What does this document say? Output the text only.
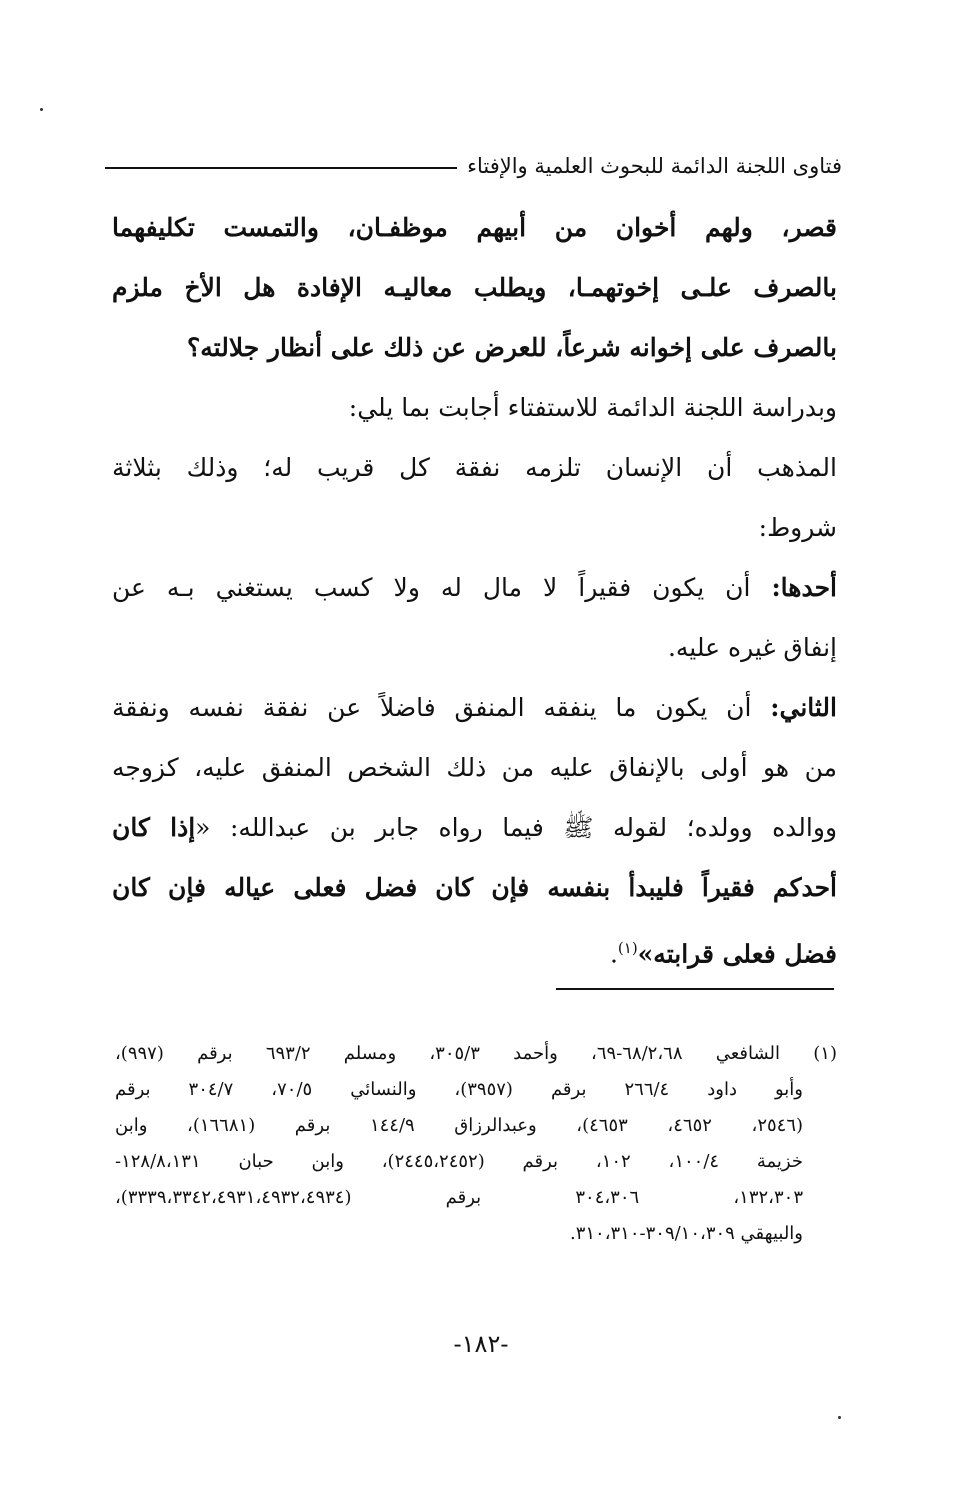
فتاوى اللجنة الدائمة للبحوث العلمية والإفتاء
قصر، ولهم أخوان من أبيهم موظفـان، والتمست تكليفهما
بالصرف علـى إخوتهمـا، ويطلب معاليـه الإفادة هل الأخ ملزم
بالصرف على إخوانه شرعاً، للعرض عن ذلك على أنظار جلالته؟
وبدراسة اللجنة الدائمة للاستفتاء أجابت بما يلي:
المذهب أن الإنسان تلزمه نفقة كل قريب له؛ وذلك بثلاثة
شروط:
أحدها: أن يكون فقيراً لا مال له ولا كسب يستغني بـه عن
إنفاق غيره عليه.
الثاني: أن يكون ما ينفقه المنفق فاضلاً عن نفقة نفسه ونفقة
من هو أولى بالإنفاق عليه من ذلك الشخص المنفق عليه، كزوجه
ووالده وولده؛ لقوله ﷺ فيما رواه جابر بن عبدالله: «إذا كان
أحدكم فقيراً فليبدأ بنفسه فإن كان فضل فعلى عياله فإن كان
فضل فعلى قرابته»$^{(١)}$.
(١) الشافعي ٦٨/٢،٦٨-٦٩، وأحمد ٣٠٥/٣، ومسلم ٦٩٣/٢ برقم (٩٩٧)،
وأبو داود ٢٦٦/٤ برقم (٣٩٥٧)، والنسائي ٧٠/٥، ٣٠٤/٧ برقم
(٢٥٤٦، ٤٦٥٢، ٤٦٥٣)، وعبدالرزاق ١٤٤/٩ برقم (١٦٦٨١)، وابن
خزيمة ١٠٠/٤، ١٠٢، برقم (٢٤٤٥،٢٤٥٢)، وابن حبان ١٢٨/٨،١٣١-
١٣٢،٣٠٣، ٣٠٤،٣٠٦ برقم (٣٣٣٩،٣٣٤٢،٤٩٣١،٤٩٣٢،٤٩٣٤)،
والبيهقي ٣٠٩/١٠،٣٠٩-٣١٠،٣١٠.
-١٨٢-
